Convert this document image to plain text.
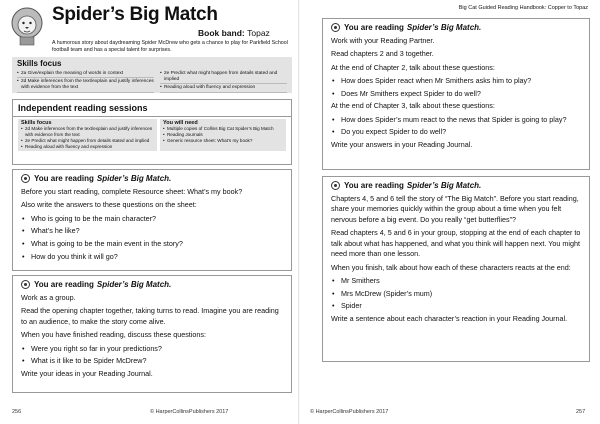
Spider’s Big Match
Book band: Topaz
A humorous story about daydreaming Spider McDrew who gets a chance to play for Parkfield School football team and has a special talent for surprises.
Skills focus
• 2a Give/explain the meaning of words in context
• 2d Make inferences from the text/explain and justify inferences with evidence from the text
• 2e Predict what might happen from details stated and implied
• Reading aloud with fluency and expression
Independent reading sessions
Skills focus
• 2d Make inferences from the text/explain and justify inferences with evidence from the text
• 2e Predict what might happen from details stated and implied
• Reading aloud with fluency and expression
You will need
• Multiple copies of Collins Big Cat Spider’s Big Match
• Reading Journals
• Generic resource sheet: What’s my book?
You are reading Spider’s Big Match.

Before you start reading, complete Resource sheet: What’s my book?

Also write the answers to these questions on the sheet:

• Who is going to be the main character?
• What’s he like?
• What is going to be the main event in the story?
• How do you think it will go?
You are reading Spider’s Big Match.

Work as a group.

Read the opening chapter together, taking turns to read. Imagine you are reading to an audience, to make the story come alive.

When you have finished reading, discuss these questions:

• Were you right so far in your predictions?
• What is it like to be Spider McDrew?

Write your ideas in your Reading Journal.

256	© HarperCollinsPublishers 2017
Big Cat Guided Reading Handbook: Copper to Topaz
You are reading Spider’s Big Match.

Work with your Reading Partner.

Read chapters 2 and 3 together.

At the end of Chapter 2, talk about these questions:

• How does Spider react when Mr Smithers asks him to play?
• Does Mr Smithers expect Spider to do well?

At the end of Chapter 3, talk about these questions:

• How does Spider’s mum react to the news that Spider is going to play?
• Do you expect Spider to do well?

Write your answers in your Reading Journal.

You are reading Spider’s Big Match.

Chapters 4, 5 and 6 tell the story of “The Big Match”. Before you start reading, share your memories quickly within the group about a time when you felt nervous before a big event. Do you really “get butterflies”?

Read chapters 4, 5 and 6 in your group, stopping at the end of each chapter to talk about what has happened, and what you think will happen next. You might need more than one lesson.

When you finish, talk about how each of these characters reacts at the end:

• Mr Smithers
• Mrs McDrew (Spider’s mum)
• Spider

Write a sentence about each character’s reaction in your Reading Journal.

© HarperCollinsPublishers 2017	257
